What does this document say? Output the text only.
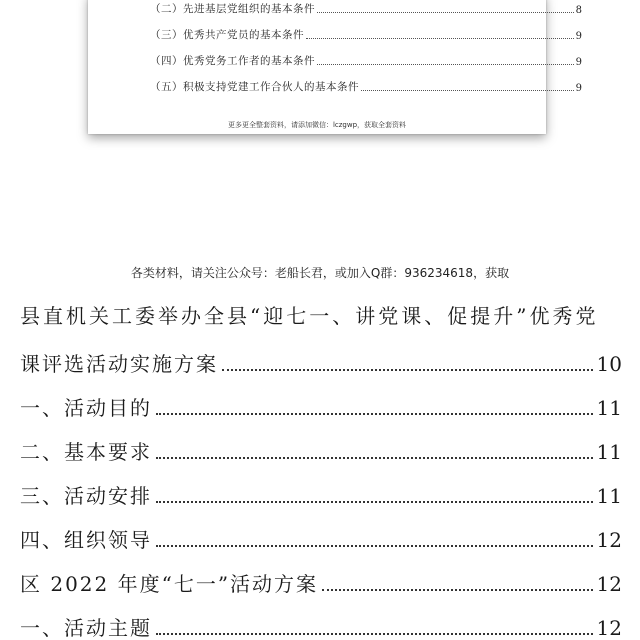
（二）先进基层党组织的基本条件	8
（三）优秀共产党员的基本条件	9
（四）优秀党务工作者的基本条件	9
（五）积极支持党建工作合伙人的基本条件	9
更多更全整套资料，请添加微信：lczgwp，获取全套资料
各类材料，请关注公众号：老船长君，或加入Q群：936234618，获取
县直机关工委举办全县“迎七一、讲党课、促提升”优秀党
课评选活动实施方案	10
一、活动目的	11
二、基本要求	11
三、活动安排	11
四、组织领导	12
区 2022 年度“七一”活动方案	12
一、活动主题	12
